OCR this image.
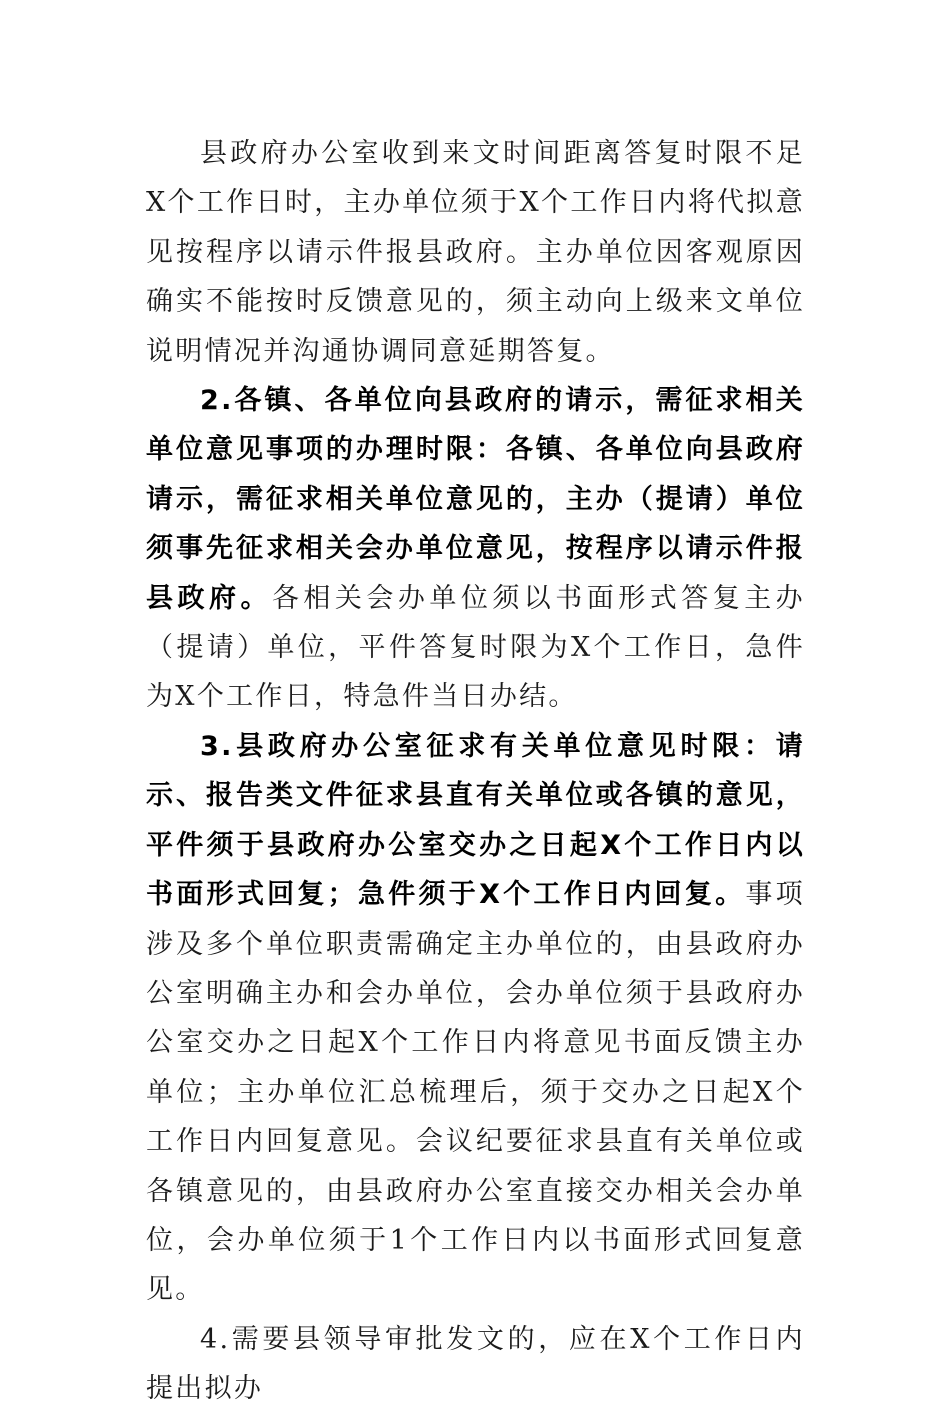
县政府办公室收到来文时间距离答复时限不足X个工作日时，主办单位须于X个工作日内将代拟意见按程序以请示件报县政府。主办单位因客观原因确实不能按时反馈意见的，须主动向上级来文单位说明情况并沟通协调同意延期答复。

2.各镇、各单位向县政府的请示，需征求相关单位意见事项的办理时限：各镇、各单位向县政府请示，需征求相关单位意见的，主办（提请）单位须事先征求相关会办单位意见，按程序以请示件报县政府。各相关会办单位须以书面形式答复主办（提请）单位，平件答复时限为X个工作日，急件为X个工作日，特急件当日办结。

3.县政府办公室征求有关单位意见时限：请示、报告类文件征求县直有关单位或各镇的意见，平件须于县政府办公室交办之日起X个工作日内以书面形式回复；急件须于X个工作日内回复。事项涉及多个单位职责需确定主办单位的，由县政府办公室明确主办和会办单位，会办单位须于县政府办公室交办之日起X个工作日内将意见书面反馈主办单位；主办单位汇总梳理后，须于交办之日起X个工作日内回复意见。会议纪要征求县直有关单位或各镇意见的，由县政府办公室直接交办相关会办单位，会办单位须于1个工作日内以书面形式回复意见。

4.需要县领导审批发文的，应在X个工作日内提出拟办
